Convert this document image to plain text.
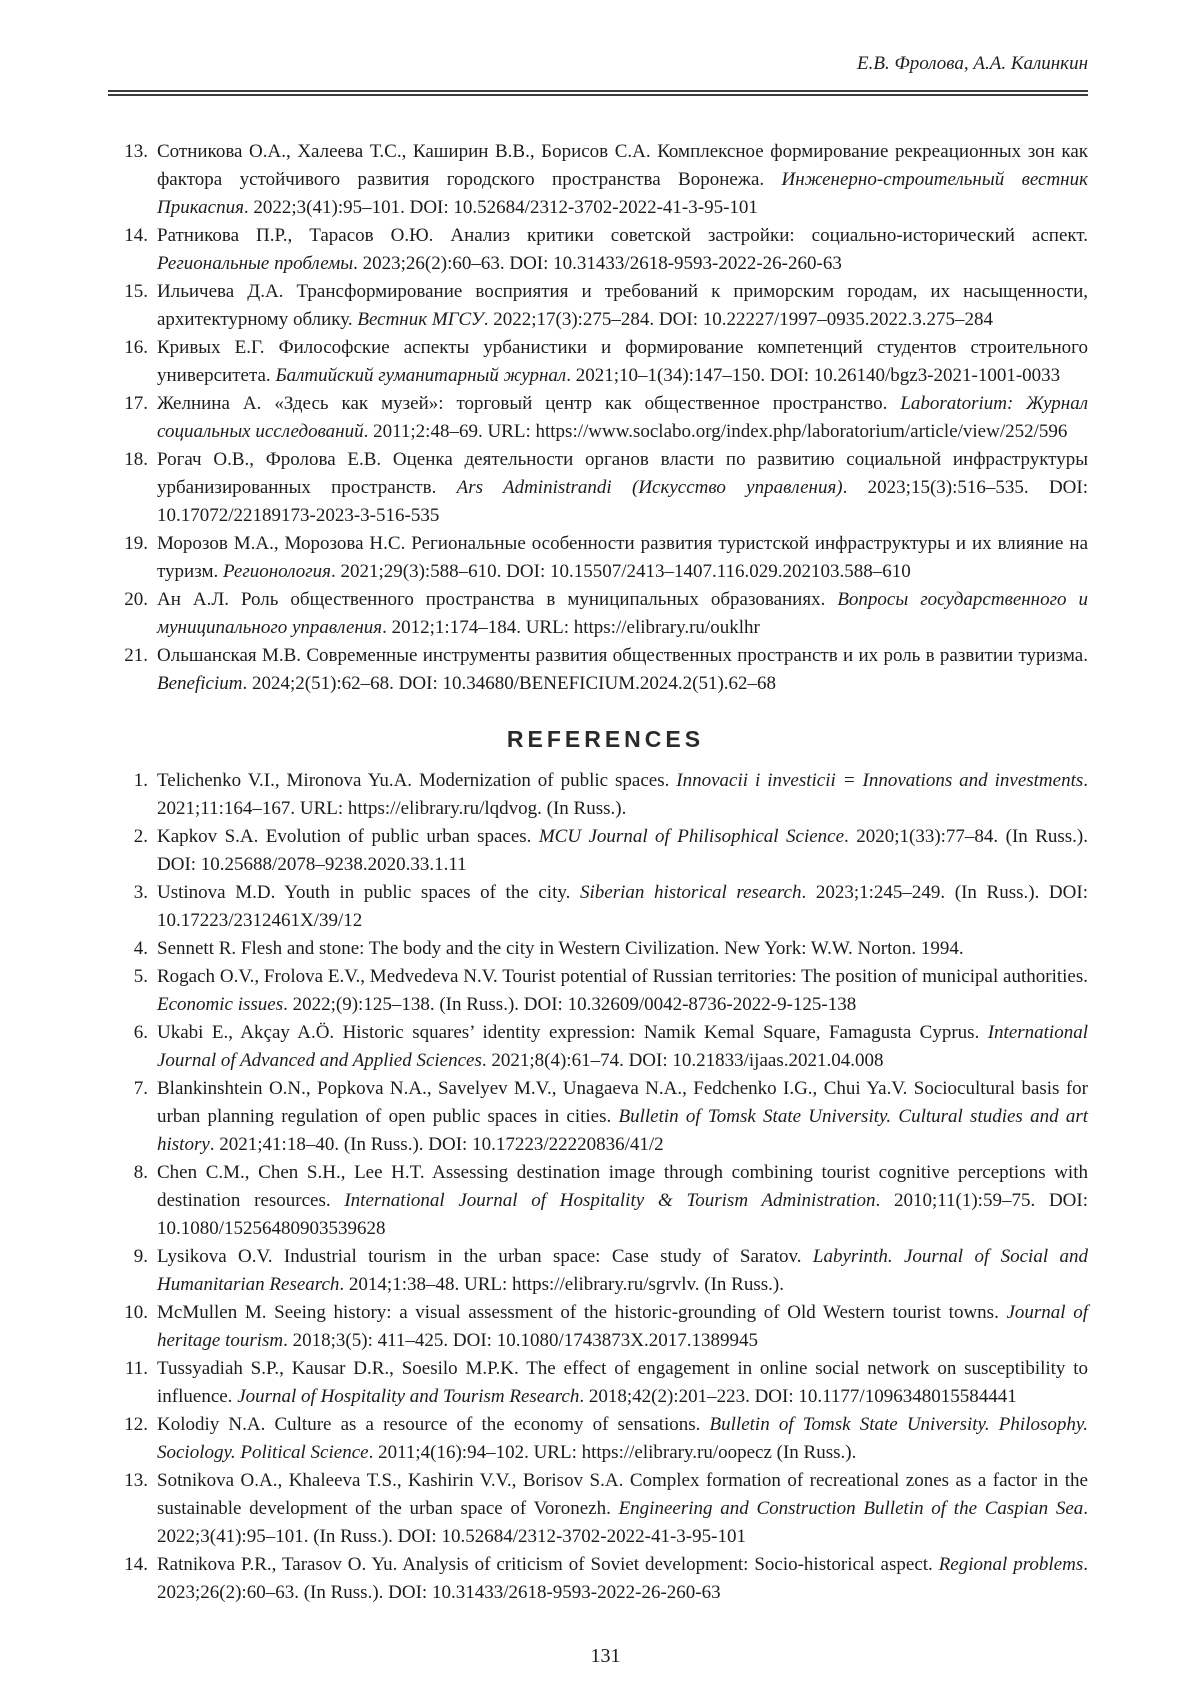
Е.В. Фролова, А.А. Калинкин
13. Сотникова О.А., Халеева Т.С., Каширин В.В., Борисов С.А. Комплексное формирование рекреационных зон как фактора устойчивого развития городского пространства Воронежа. Инженерно-строительный вестник Прикаспия. 2022;3(41):95–101. DOI: 10.52684/2312-3702-2022-41-3-95-101
14. Ратникова П.Р., Тарасов О.Ю. Анализ критики советской застройки: социально-исторический аспект. Региональные проблемы. 2023;26(2):60–63. DOI: 10.31433/2618-9593-2022-26-260-63
15. Ильичева Д.А. Трансформирование восприятия и требований к приморским городам, их насыщенности, архитектурному облику. Вестник МГСУ. 2022;17(3):275–284. DOI: 10.22227/1997–0935.2022.3.275–284
16. Кривых Е.Г. Философские аспекты урбанистики и формирование компетенций студентов строительного университета. Балтийский гуманитарный журнал. 2021;10–1(34):147–150. DOI: 10.26140/bgz3-2021-1001-0033
17. Желнина А. «Здесь как музей»: торговый центр как общественное пространство. Laboratorium: Журнал социальных исследований. 2011;2:48–69. URL: https://www.soclabo.org/index.php/laboratorium/article/view/252/596
18. Рогач О.В., Фролова Е.В. Оценка деятельности органов власти по развитию социальной инфраструктуры урбанизированных пространств. Ars Administrandi (Искусство управления). 2023;15(3):516–535. DOI: 10.17072/22189173-2023-3-516-535
19. Морозов М.А., Морозова Н.С. Региональные особенности развития туристской инфраструктуры и их влияние на туризм. Регионология. 2021;29(3):588–610. DOI: 10.15507/2413–1407.116.029.202103.588–610
20. Ан А.Л. Роль общественного пространства в муниципальных образованиях. Вопросы государственного и муниципального управления. 2012;1:174–184. URL: https://elibrary.ru/ouklhr
21. Ольшанская М.В. Современные инструменты развития общественных пространств и их роль в развитии туризма. Beneficium. 2024;2(51):62–68. DOI: 10.34680/BENEFICIUM.2024.2(51).62–68
REFERENCES
1. Telichenko V.I., Mironova Yu.A. Modernization of public spaces. Innovacii i investicii = Innovations and investments. 2021;11:164–167. URL: https://elibrary.ru/lqdvog. (In Russ.).
2. Kapkov S.A. Evolution of public urban spaces. MCU Journal of Philisophical Science. 2020;1(33):77–84. (In Russ.). DOI: 10.25688/2078–9238.2020.33.1.11
3. Ustinova M.D. Youth in public spaces of the city. Siberian historical research. 2023;1:245–249. (In Russ.). DOI: 10.17223/2312461X/39/12
4. Sennett R. Flesh and stone: The body and the city in Western Civilization. New York: W.W. Norton. 1994.
5. Rogach O.V., Frolova E.V., Medvedeva N.V. Tourist potential of Russian territories: The position of municipal authorities. Economic issues. 2022;(9):125–138. (In Russ.). DOI: 10.32609/0042-8736-2022-9-125-138
6. Ukabi E., Akçay A.Ö. Historic squares’ identity expression: Namik Kemal Square, Famagusta Cyprus. International Journal of Advanced and Applied Sciences. 2021;8(4):61–74. DOI: 10.21833/ijaas.2021.04.008
7. Blankinshtein O.N., Popkova N.A., Savelyev M.V., Unagaeva N.A., Fedchenko I.G., Chui Ya.V. Sociocultural basis for urban planning regulation of open public spaces in cities. Bulletin of Tomsk State University. Cultural studies and art history. 2021;41:18–40. (In Russ.). DOI: 10.17223/22220836/41/2
8. Chen C.M., Chen S.H., Lee H.T. Assessing destination image through combining tourist cognitive perceptions with destination resources. International Journal of Hospitality & Tourism Administration. 2010;11(1):59–75. DOI: 10.1080/15256480903539628
9. Lysikova O.V. Industrial tourism in the urban space: Case study of Saratov. Labyrinth. Journal of Social and Humanitarian Research. 2014;1:38–48. URL: https://elibrary.ru/sgrvlv. (In Russ.).
10. McMullen M. Seeing history: a visual assessment of the historic-grounding of Old Western tourist towns. Journal of heritage tourism. 2018;3(5): 411–425. DOI: 10.1080/1743873X.2017.1389945
11. Tussyadiah S.P., Kausar D.R., Soesilo M.P.K. The effect of engagement in online social network on susceptibility to influence. Journal of Hospitality and Tourism Research. 2018;42(2):201–223. DOI: 10.1177/1096348015584441
12. Kolodiy N.A. Culture as a resource of the economy of sensations. Bulletin of Tomsk State University. Philosophy. Sociology. Political Science. 2011;4(16):94–102. URL: https://elibrary.ru/oopecz (In Russ.).
13. Sotnikova O.A., Khaleeva T.S., Kashirin V.V., Borisov S.A. Complex formation of recreational zones as a factor in the sustainable development of the urban space of Voronezh. Engineering and Construction Bulletin of the Caspian Sea. 2022;3(41):95–101. (In Russ.). DOI: 10.52684/2312-3702-2022-41-3-95-101
14. Ratnikova P.R., Tarasov O. Yu. Analysis of criticism of Soviet development: Socio-historical aspect. Regional problems. 2023;26(2):60–63. (In Russ.). DOI: 10.31433/2618-9593-2022-26-260-63
131
